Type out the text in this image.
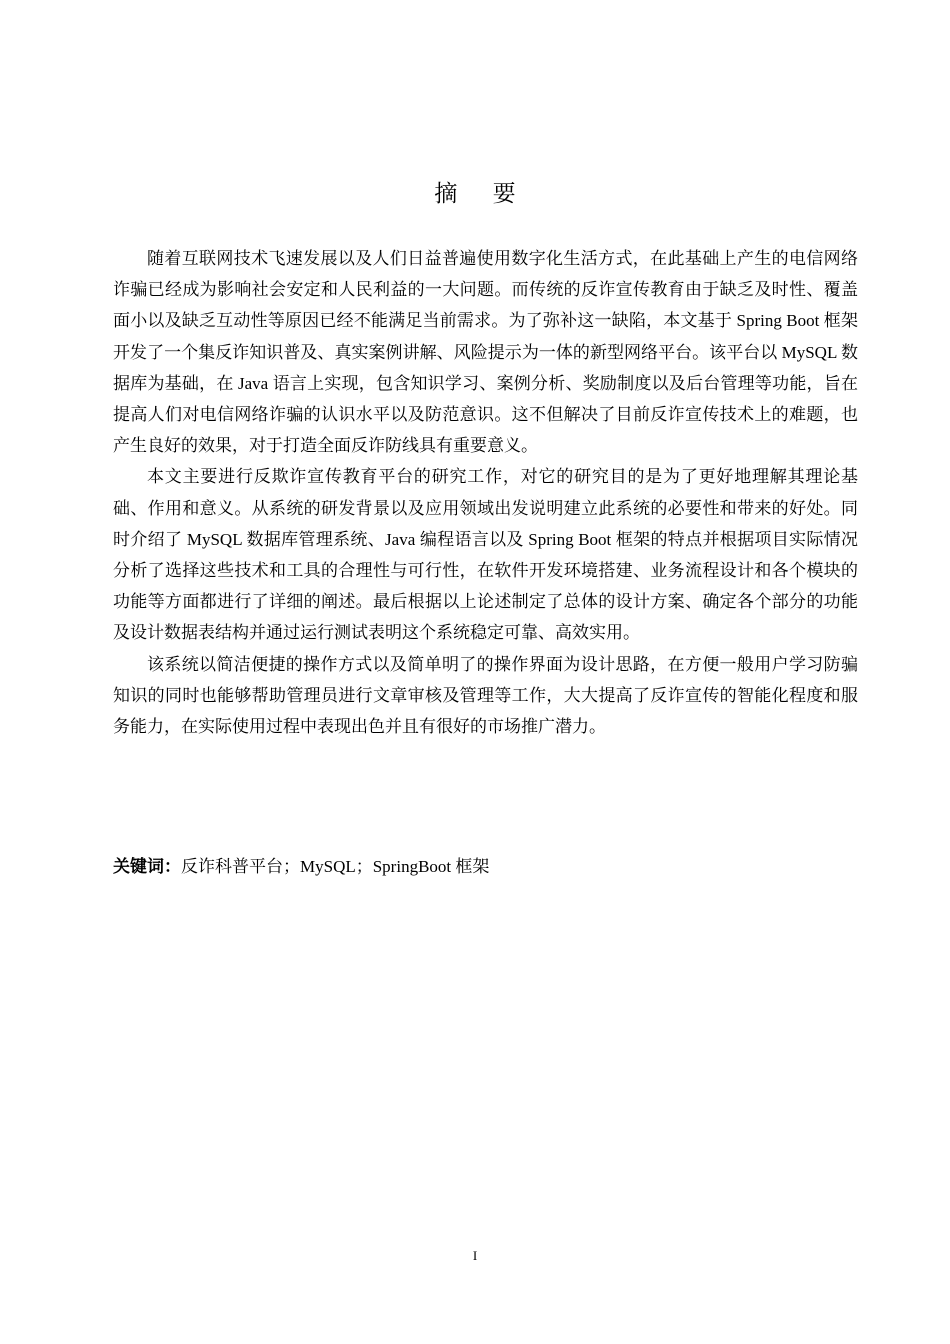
摘 要

随着互联网技术飞速发展以及人们日益普遍使用数字化生活方式，在此基础上产生的电信网络诈骗已经成为影响社会安定和人民利益的一大问题。而传统的反诈宣传教育由于缺乏及时性、覆盖面小以及缺乏互动性等原因已经不能满足当前需求。为了弥补这一缺陷，本文基于 Spring Boot 框架开发了一个集反诈知识普及、真实案例讲解、风险提示为一体的新型网络平台。该平台以 MySQL 数据库为基础，在 Java 语言上实现，包含知识学习、案例分析、奖励制度以及后台管理等功能，旨在提高人们对电信网络诈骗的认识水平以及防范意识。这不但解决了目前反诈宣传技术上的难题，也产生良好的效果，对于打造全面反诈防线具有重要意义。

本文主要进行反欺诈宣传教育平台的研究工作，对它的研究目的是为了更好地理解其理论基础、作用和意义。从系统的研发背景以及应用领域出发说明建立此系统的必要性和带来的好处。同时介绍了 MySQL 数据库管理系统、Java 编程语言以及 Spring Boot 框架的特点并根据项目实际情况分析了选择这些技术和工具的合理性与可行性，在软件开发环境搭建、业务流程设计和各个模块的功能等方面都进行了详细的阐述。最后根据以上论述制定了总体的设计方案、确定各个部分的功能及设计数据表结构并通过运行测试表明这个系统稳定可靠、高效实用。

该系统以简洁便捷的操作方式以及简单明了的操作界面为设计思路，在方便一般用户学习防骗知识的同时也能够帮助管理员进行文章审核及管理等工作，大大提高了反诈宣传的智能化程度和服务能力，在实际使用过程中表现出色并且有很好的市场推广潜力。

关键词：反诈科普平台；MySQL；SpringBoot 框架
I
